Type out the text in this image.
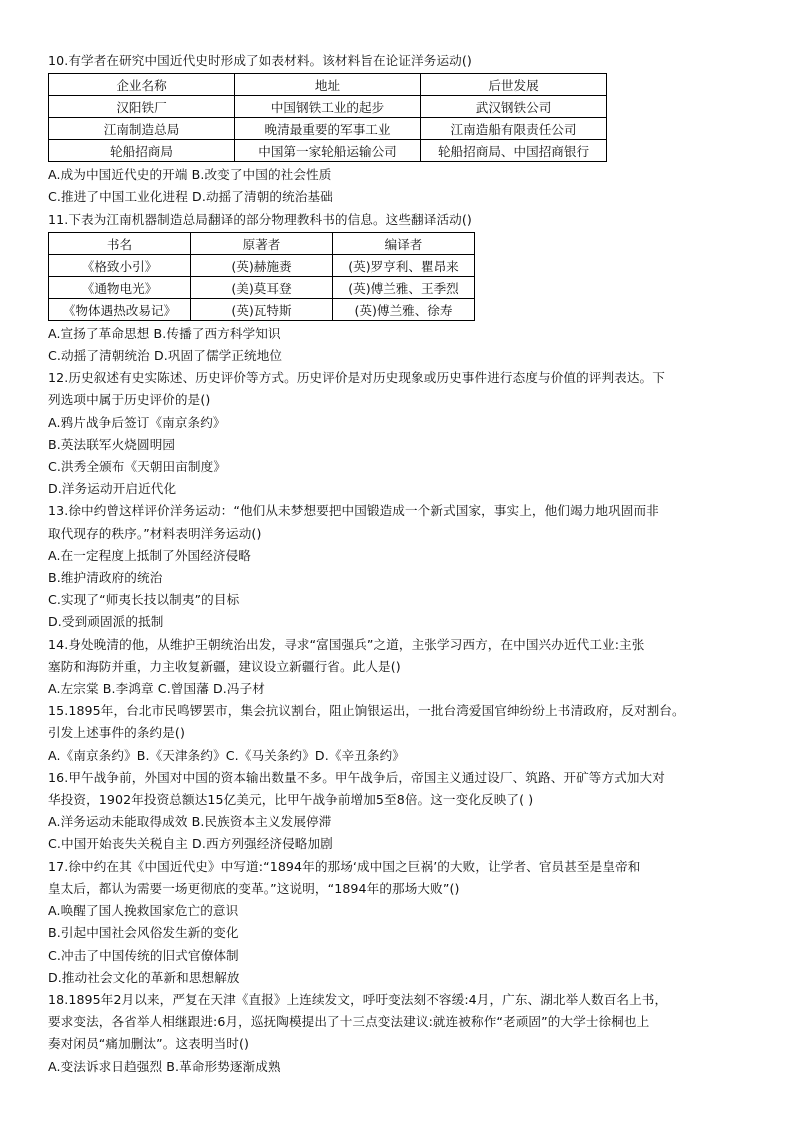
10.有学者在研究中国近代史时形成了如表材料。该材料旨在论证洋务运动()
企业名称	地址	后世发展
汉阳铁厂	中国钢铁工业的起步	武汉钢铁公司
江南制造总局	晚清最重要的军事工业	江南造船有限责任公司
轮船招商局	中国第一家轮船运输公司	轮船招商局、中国招商银行
A.成为中国近代史的开端 B.改变了中国的社会性质
C.推进了中国工业化进程 D.动摇了清朝的统治基础
11.下表为江南机器制造总局翻译的部分物理教科书的信息。这些翻译活动()
书名	原著者	编译者
《格致小引》	(英)赫施赉	(英)罗亨利、瞿昂来
《通物电光》	(美)莫耳登	(英)傅兰雅、王季烈
《物体遇热改易记》	(英)瓦特斯	(英)傅兰雅、徐寿
A.宣扬了革命思想 B.传播了西方科学知识
C.动摇了清朝统治 D.巩固了儒学正统地位
12.历史叙述有史实陈述、历史评价等方式。历史评价是对历史现象或历史事件进行态度与价值的评判表达。下
列选项中属于历史评价的是()
A.鸦片战争后签订《南京条约》
B.英法联军火烧圆明园
C.洪秀全颁布《天朝田亩制度》
D.洋务运动开启近代化
13.徐中约曾这样评价洋务运动：“他们从未梦想要把中国锻造成一个新式国家，事实上，他们竭力地巩固而非
取代现存的秩序。”材料表明洋务运动()
A.在一定程度上抵制了外国经济侵略
B.维护清政府的统治
C.实现了“师夷长技以制夷”的目标
D.受到顽固派的抵制
14.身处晚清的他，从维护王朝统治出发，寻求“富国强兵”之道，主张学习西方，在中国兴办近代工业:主张
塞防和海防并重，力主收复新疆，建议设立新疆行省。此人是()
A.左宗棠 B.李鸿章 C.曾国藩 D.冯子材
15.1895年，台北市民鸣锣罢市，集会抗议割台，阻止饷银运出，一批台湾爱国官绅纷纷上书清政府，反对割台。
引发上述事件的条约是()
A.《南京条约》B.《天津条约》C.《马关条约》D.《辛丑条约》
16.甲午战争前，外国对中国的资本输出数量不多。甲午战争后，帝国主义通过设厂、筑路、开矿等方式加大对
华投资，1902年投资总额达15亿美元，比甲午战争前增加5至8倍。这一变化反映了( )
A.洋务运动未能取得成效 B.民族资本主义发展停滞
C.中国开始丧失关税自主 D.西方列强经济侵略加剧
17.徐中约在其《中国近代史》中写道:“1894年的那场‘成中国之巨祸’的大败，让学者、官员甚至是皇帝和
皇太后，都认为需要一场更彻底的变革。”这说明，“1894年的那场大败”()
A.唤醒了国人挽救国家危亡的意识
B.引起中国社会风俗发生新的变化
C.冲击了中国传统的旧式官僚体制
D.推动社会文化的革新和思想解放
18.1895年2月以来，严复在天津《直报》上连续发文，呼吁变法刻不容缓:4月，广东、湖北举人数百名上书，
要求变法，各省举人相继跟进:6月，巡抚陶模提出了十三点变法建议:就连被称作“老顽固”的大学士徐桐也上
奏对闲员“痛加删汰”。这表明当时()
A.变法诉求日趋强烈 B.革命形势逐渐成熟
